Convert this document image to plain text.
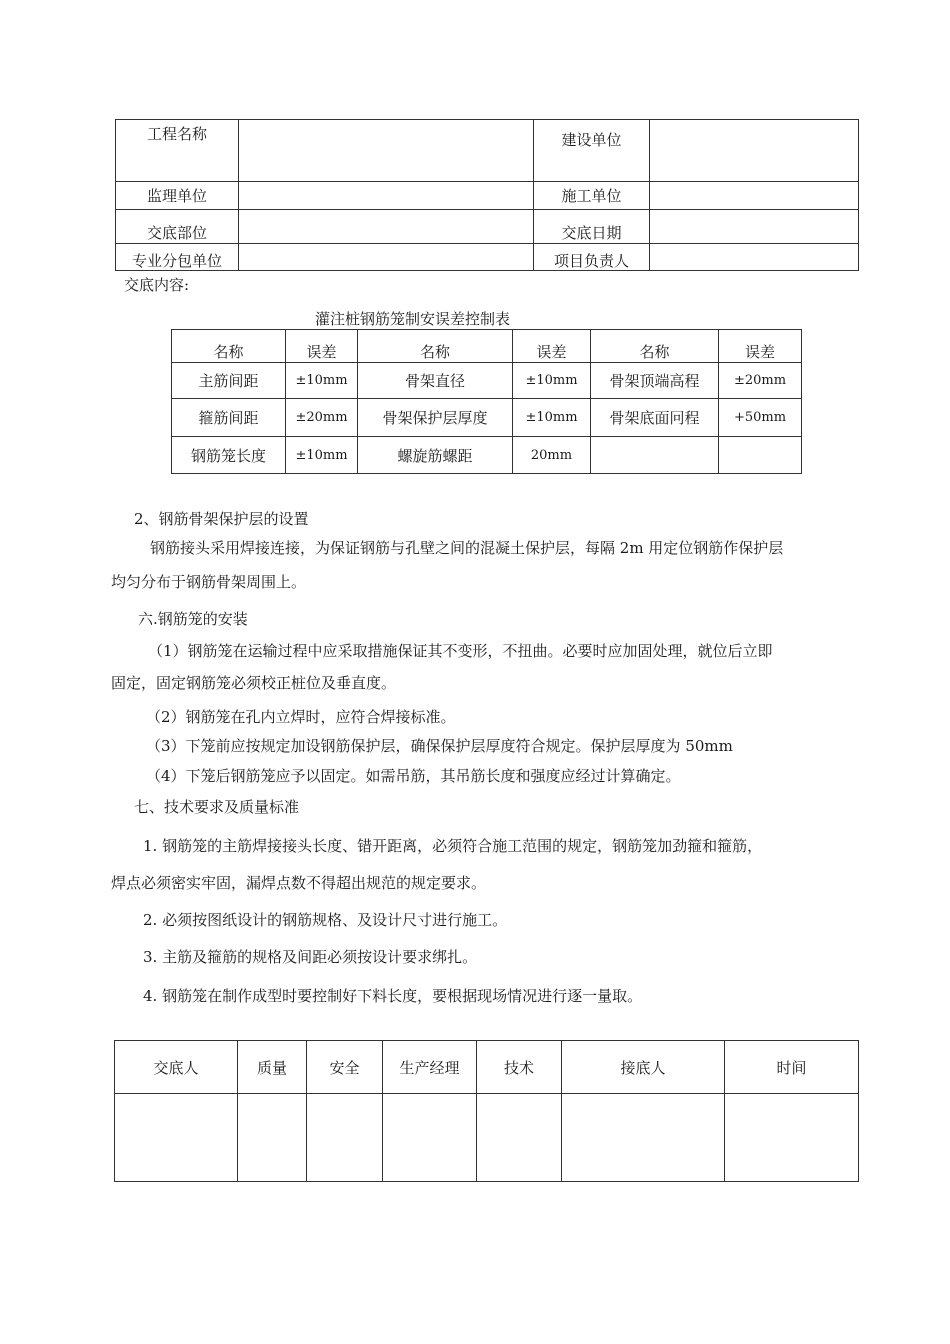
工程名称		建设单位	
监理单位		施工单位	
交底部位		交底日期	
专业分包单位		项目负责人	
交底内容:
灌注桩钢筋笼制安误差控制表
名称	误差	名称	误差	名称	误差
主筋间距	±10mm	骨架直径	±10mm	骨架顶端高程	±20mm
箍筋间距	±20mm	骨架保护层厚度	±10mm	骨架底面冋程	+50mm
钢筋笼长度	±10mm	螺旋筋螺距	20mm		
2、钢筋骨架保护层的设置
钢筋接头采用焊接连接，为保证钢筋与孔壁之间的混凝土保护层，每隔 2m 用定位钢筋作保护层
均匀分布于钢筋骨架周围上。
六.钢筋笼的安装
（1）钢筋笼在运输过程中应采取措施保证其不变形，不扭曲。必要时应加固处理，就位后立即
固定，固定钢筋笼必须校正桩位及垂直度。
（2）钢筋笼在孔内立焊时，应符合焊接标准。
（3）下笼前应按规定加设钢筋保护层，确保保护层厚度符合规定。保护层厚度为 50mm
（4）下笼后钢筋笼应予以固定。如需吊筋，其吊筋长度和强度应经过计算确定。
七、技术要求及质量标准
1. 钢筋笼的主筋焊接接头长度、错开距离，必须符合施工范围的规定，钢筋笼加劲箍和箍筋，
焊点必须密实牢固，漏焊点数不得超出规范的规定要求。
2. 必须按图纸设计的钢筋规格、及设计尺寸进行施工。
3. 主筋及箍筋的规格及间距必须按设计要求绑扎。
4. 钢筋笼在制作成型时要控制好下料长度，要根据现场情况进行逐一量取。
交底人	质量	安全	生产经理	技术	接底人	时间
